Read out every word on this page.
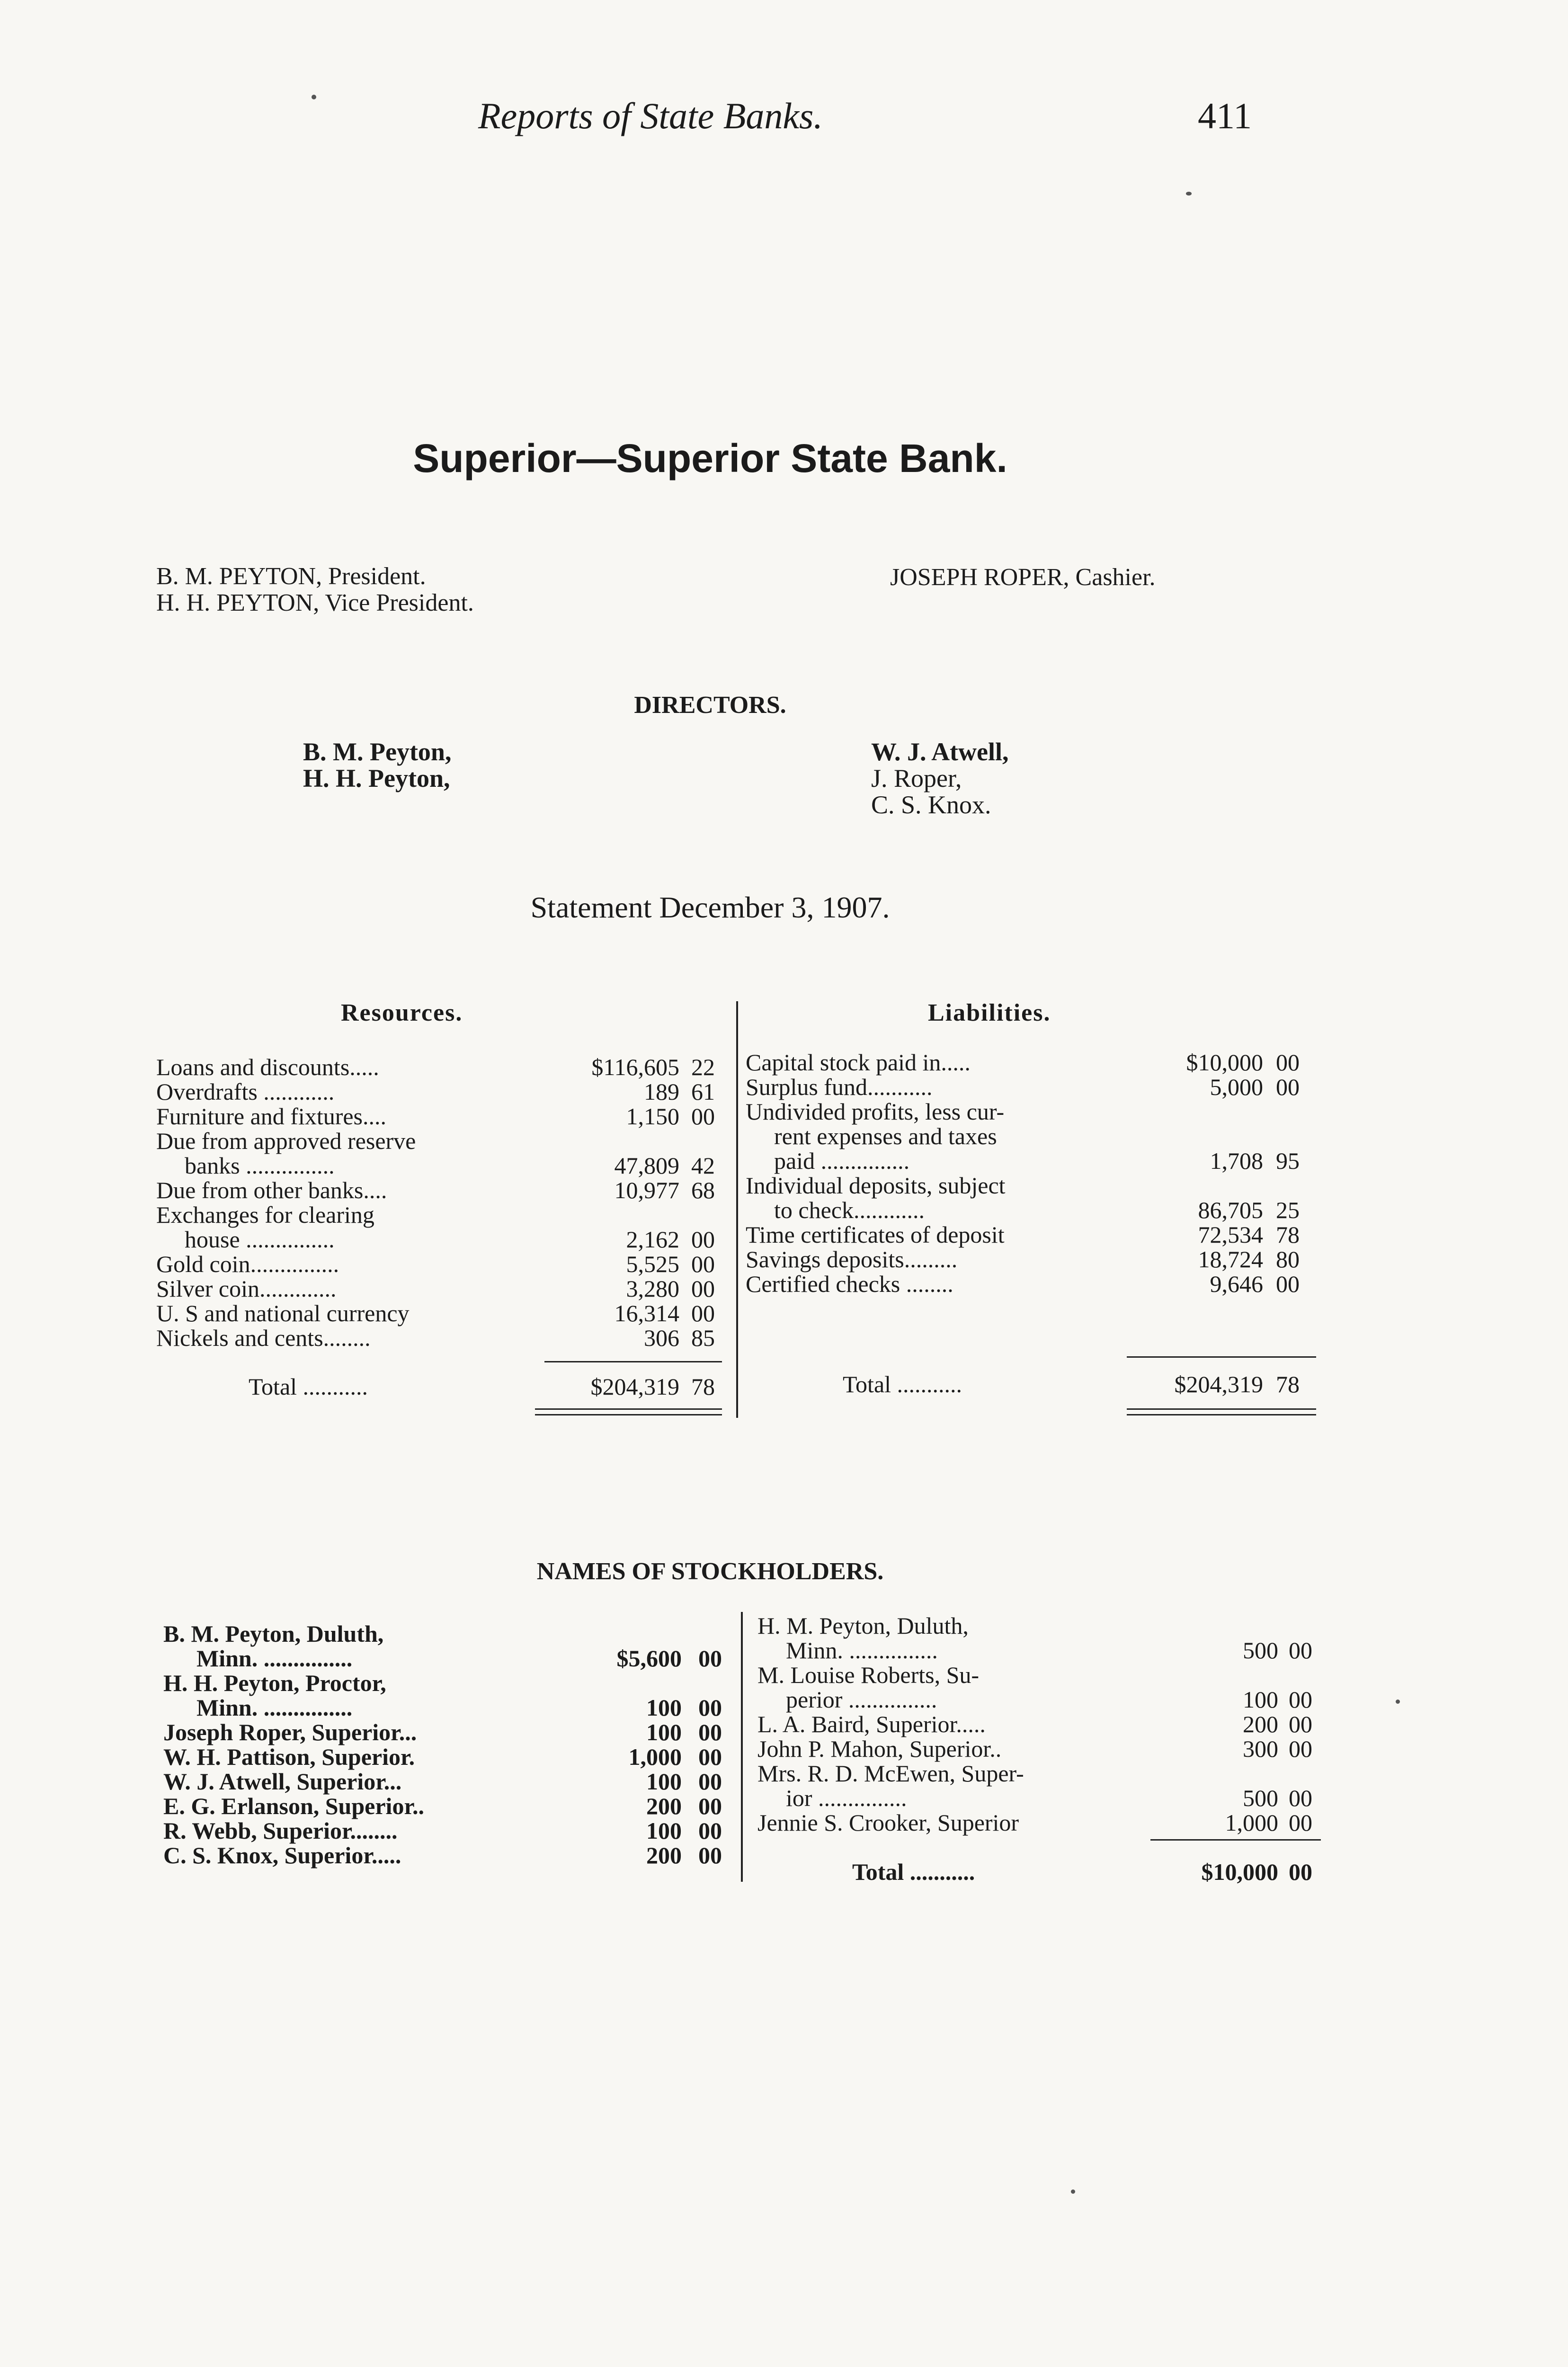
Reports of State Banks.	411
Superior—Superior State Bank.
B. M. PEYTON, President.
H. H. PEYTON, Vice President.
JOSEPH ROPER, Cashier.
DIRECTORS.
B. M. Peyton,
H. H. Peyton,
W. J. Atwell,
J. Roper,
C. S. Knox.
Statement December 3, 1907.
Resources.	Liabilities.
Loans and discounts.....	$116,605 22
Overdrafts ............	189 61
Furniture and fixtures....	1,150 00
Due from approved reserve
banks ...............	47,809 42
Due from other banks....	10,977 68
Exchanges for clearing
house ...............	2,162 00
Gold coin...............	5,525 00
Silver coin.............	3,280 00
U. S and national currency	16,314 00
Nickels and cents........	306 85
Total ...........	$204,319 78
Capital stock paid in.....	$10,000 00
Surplus fund...........	5,000 00
Undivided profits, less cur-
rent expenses and taxes
paid ...............	1,708 95
Individual deposits, subject
to check............	86,705 25
Time certificates of deposit	72,534 78
Savings deposits.........	18,724 80
Certified checks ........	9,646 00
Total ...........	$204,319 78
NAMES OF STOCKHOLDERS.
B. M. Peyton, Duluth,
Minn. ...............	$5,600 00
H. H. Peyton, Proctor,
Minn. ...............	100 00
Joseph Roper, Superior...	100 00
W. H. Pattison, Superior.	1,000 00
W. J. Atwell, Superior...	100 00
E. G. Erlanson, Superior..	200 00
R. Webb, Superior........	100 00
C. S. Knox, Superior.....	200 00
H. M. Peyton, Duluth,
Minn. ...............	500 00
M. Louise Roberts, Su-
perior ...............	100 00
L. A. Baird, Superior.....	200 00
John P. Mahon, Superior..	300 00
Mrs. R. D. McEwen, Super-
ior ...............	500 00
Jennie S. Crooker, Superior	1,000 00
Total ...........	$10,000 00
